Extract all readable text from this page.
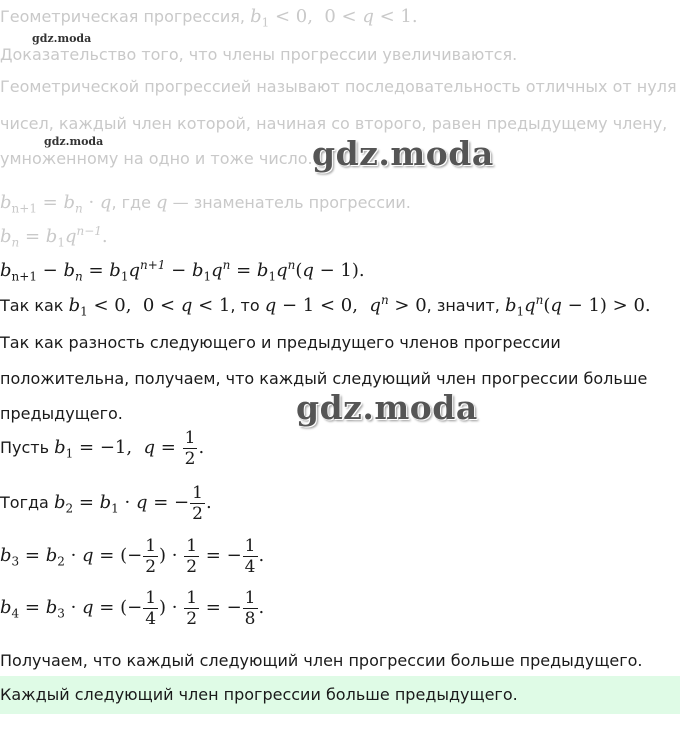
Геометрическая прогрессия, $b_1 < 0$,  0 < q < 1.
gdz.moda
Доказательство того, что члены прогрессии увеличиваются.
Геометрической прогрессией называют последовательность отличных от нуля
чисел, каждый член которой, начиная со второго, равен предыдущему члену,
gdz.moda
умноженному на одно и тоже число. gdz.moda
$b_{n+1} = b_n \cdot q$, где q — знаменатель прогрессии.
$b_n = b_1q^{n-1}$.
$b_{n+1} - b_n = b_1q^{n+1} - b_1q^n = b_1q^n(q - 1)$.
Так как $b_1 < 0$,  0 < q < 1, то q − 1 < 0,  $q^n > 0$, значит, $b_1q^n(q - 1) > 0$.
Так как разность следующего и предыдущего членов прогрессии
положительна, получаем, что каждый следующий член прогрессии больше
предыдущего.	gdz.moda
Пусть $b_1 = -1$,  $q = \frac{1}{2}$ .
Тогда $b_2 = b_1 \cdot q$ = − $\frac{1}{2}$ .
$b_3 = b_2 \cdot q$ = (− $\frac{1}{2}$ ) · $\frac{1}{2}$ = − $\frac{1}{4}$ .
$b_4 = b_3 \cdot q$ = (− $\frac{1}{4}$ ) · $\frac{1}{2}$ = − $\frac{1}{8}$ .
Получаем, что каждый следующий член прогрессии больше предыдущего.
Каждый следующий член прогрессии больше предыдущего.
